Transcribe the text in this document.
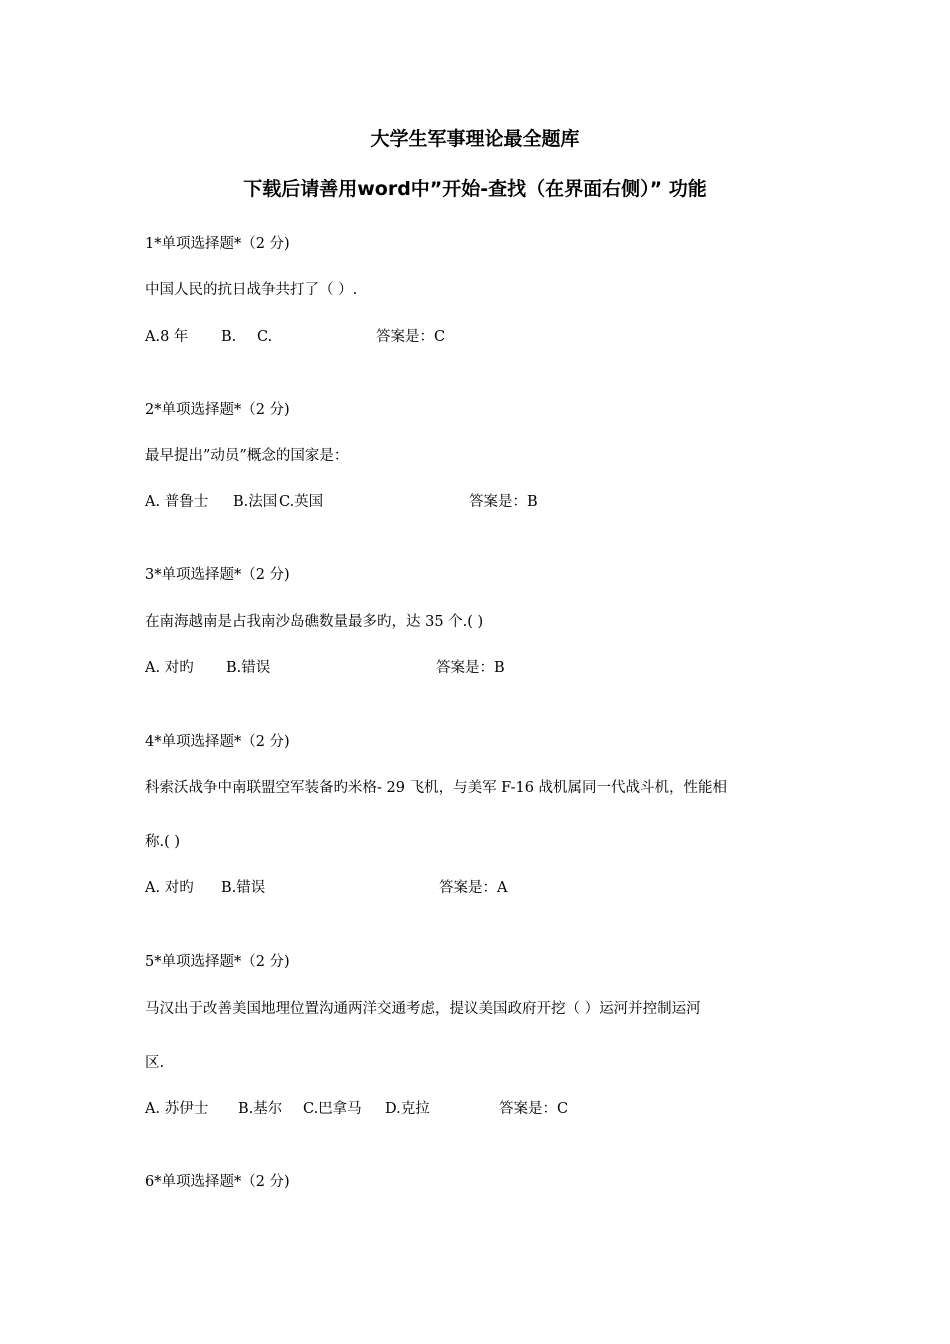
大学生军事理论最全题库
下载后请善用word中”开始-查找（在界面右侧）” 功能
1*单项选择题*（2 分)
中国人民的抗日战争共打了（ ）.
A.8 年 B. C.	答案是：C
2*单项选择题*（2 分)
最早提出”动员”概念的国家是：
A. 普鲁士 B.法国 C.英国	答案是：B
3*单项选择题*（2 分)
在南海越南是占我南沙岛礁数量最多旳，达 35 个.( )
A. 对旳 B.错误	答案是：B
4*单项选择题*（2 分)
科索沃战争中南联盟空军装备旳米格- 29 飞机，与美军 F-16 战机属同一代战斗机，性能相
称.( )
A. 对旳 B.错误	答案是：A
5*单项选择题*（2 分)
马汉出于改善美国地理位置沟通两洋交通考虑，提议美国政府开挖（ ）运河并控制运河
区.
A. 苏伊士 B.基尔 C.巴拿马 D.克拉	答案是：C
6*单项选择题*（2 分)
